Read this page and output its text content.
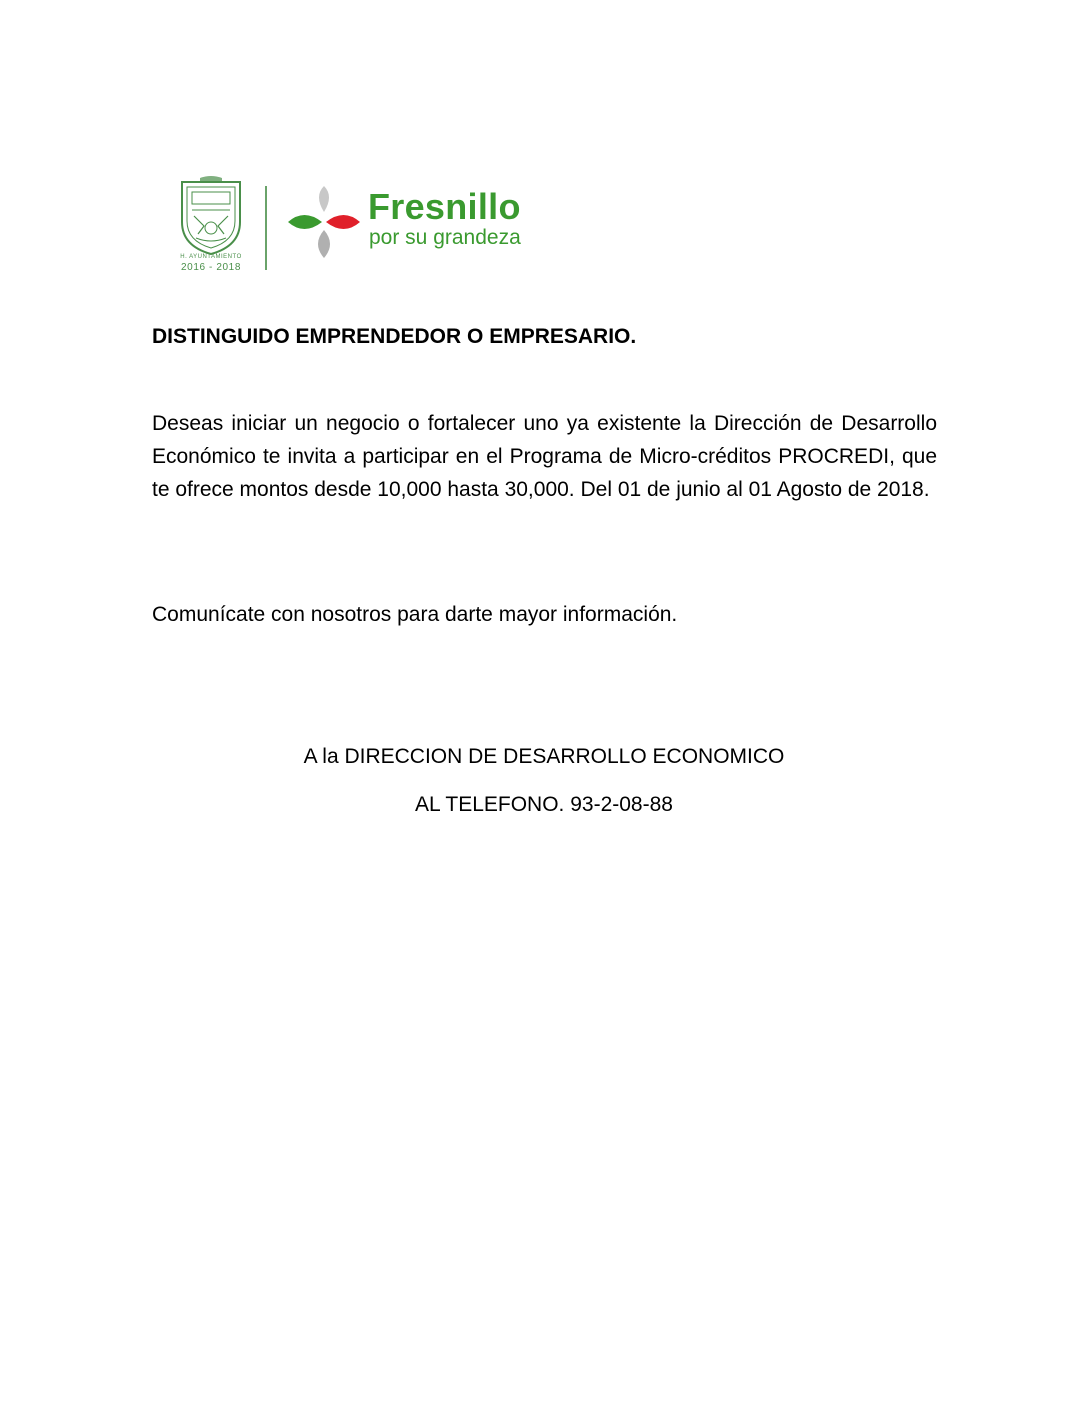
H. AYUNTAMIENTO
2016 - 2018
Fresnillo
por su grandeza
DISTINGUIDO EMPRENDEDOR O EMPRESARIO.
Deseas iniciar un negocio o fortalecer uno ya existente la Dirección de Desarrollo Económico te invita a participar en el Programa de Micro-créditos PROCREDI, que te ofrece montos desde 10,000 hasta 30,000. Del 01 de junio al 01 Agosto de 2018.
Comunícate con nosotros para darte mayor información.
A la DIRECCION DE DESARROLLO ECONOMICO
AL TELEFONO. 93-2-08-88
